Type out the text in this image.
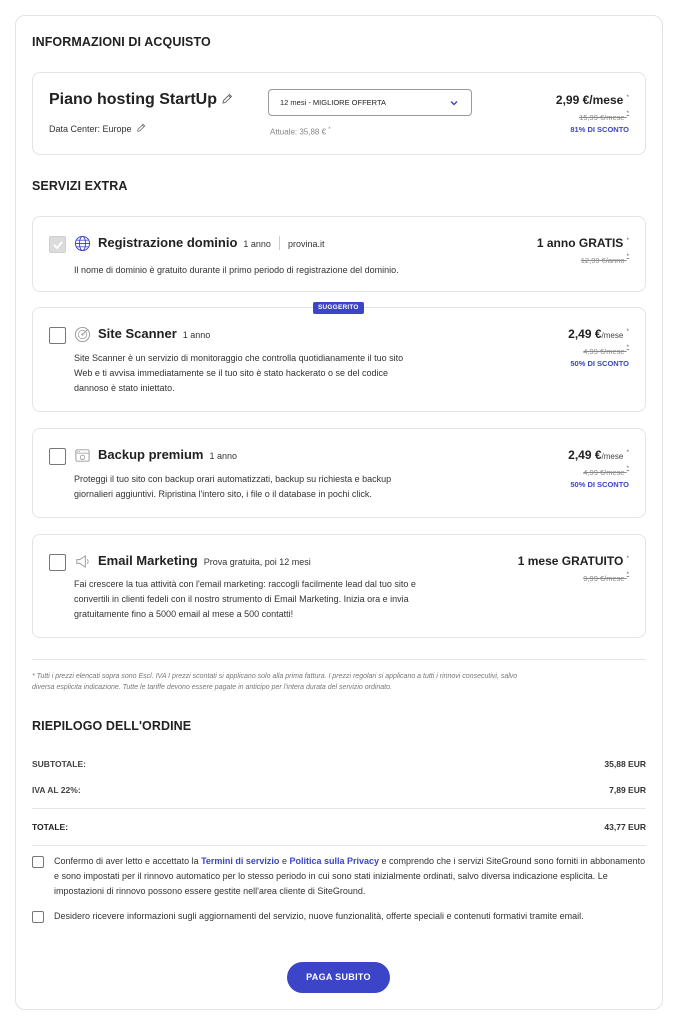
INFORMAZIONI DI ACQUISTO
Piano hosting StartUp
Data Center: Europe
12 mesi - MIGLIORE OFFERTA
Attuale: 35,88 € *
2,99 €/mese *
15,99 €/mese *
81% DI SCONTO
SERVIZI EXTRA
Registrazione dominio 1 anno provina.it
Il nome di dominio è gratuito durante il primo periodo di registrazione del dominio.
1 anno GRATIS *
12,99 €/anno *
Site Scanner 1 anno
Site Scanner è un servizio di monitoraggio che controlla quotidianamente il tuo sito
Web e ti avvisa immediatamente se il tuo sito è stato hackerato o se del codice
dannoso è stato iniettato.
2,49 €/mese *
4,99 €/mese *
50% DI SCONTO
SUGGERITO
Backup premium 1 anno
Proteggi il tuo sito con backup orari automatizzati, backup su richiesta e backup
giornalieri aggiuntivi. Ripristina l'intero sito, i file o il database in pochi click.
2,49 €/mese *
4,99 €/mese *
50% DI SCONTO
Email Marketing Prova gratuita, poi 12 mesi
Fai crescere la tua attività con l'email marketing: raccogli facilmente lead dal tuo sito e
convertili in clienti fedeli con il nostro strumento di Email Marketing. Inizia ora e invia
gratuitamente fino a 5000 email al mese a 500 contatti!
1 mese GRATUITO *
9,99 €/mese *
* Tutti i prezzi elencati sopra sono Escl. IVA I prezzi scontati si applicano solo alla prima fattura. I prezzi regolari si applicano a tutti i rinnovi consecutivi, salvo
diversa esplicita indicazione. Tutte le tariffe devono essere pagate in anticipo per l'intera durata del servizio ordinato.
RIEPILOGO DELL'ORDINE
SUBTOTALE:	35,88 EUR
IVA AL 22%:	7,89 EUR
TOTALE:	43,77 EUR
Confermo di aver letto e accettato la Termini di servizio e Politica sulla Privacy e comprendo che i servizi SiteGround sono forniti in abbonamento e sono impostati per il rinnovo automatico per lo stesso periodo in cui sono stati inizialmente ordinati, salvo diversa indicazione esplicita. Le impostazioni di rinnovo possono essere gestite nell'area cliente di SiteGround.
Desidero ricevere informazioni sugli aggiornamenti del servizio, nuove funzionalità, offerte speciali e contenuti formativi tramite email.
PAGA SUBITO
